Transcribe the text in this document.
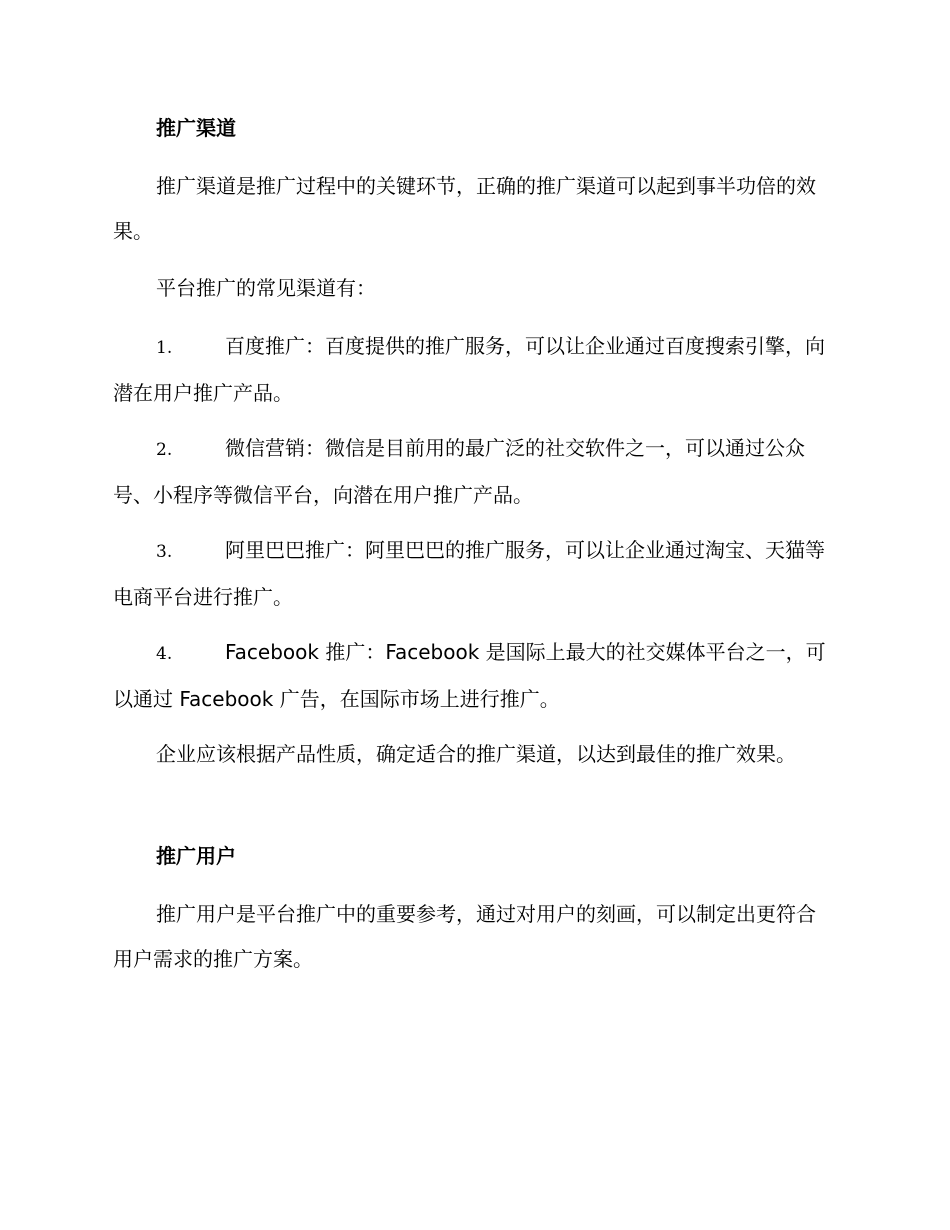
推广渠道
推广渠道是推广过程中的关键环节，正确的推广渠道可以起到事半功倍的效果。
平台推广的常见渠道有：
1.	百度推广：百度提供的推广服务，可以让企业通过百度搜索引擎，向潜在用户推广产品。
2.	微信营销：微信是目前用的最广泛的社交软件之一，可以通过公众号、小程序等微信平台，向潜在用户推广产品。
3.	阿里巴巴推广：阿里巴巴的推广服务，可以让企业通过淘宝、天猫等电商平台进行推广。
4.	Facebook 推广：Facebook 是国际上最大的社交媒体平台之一，可以通过 Facebook 广告，在国际市场上进行推广。
企业应该根据产品性质，确定适合的推广渠道，以达到最佳的推广效果。
推广用户
推广用户是平台推广中的重要参考，通过对用户的刻画，可以制定出更符合用户需求的推广方案。
